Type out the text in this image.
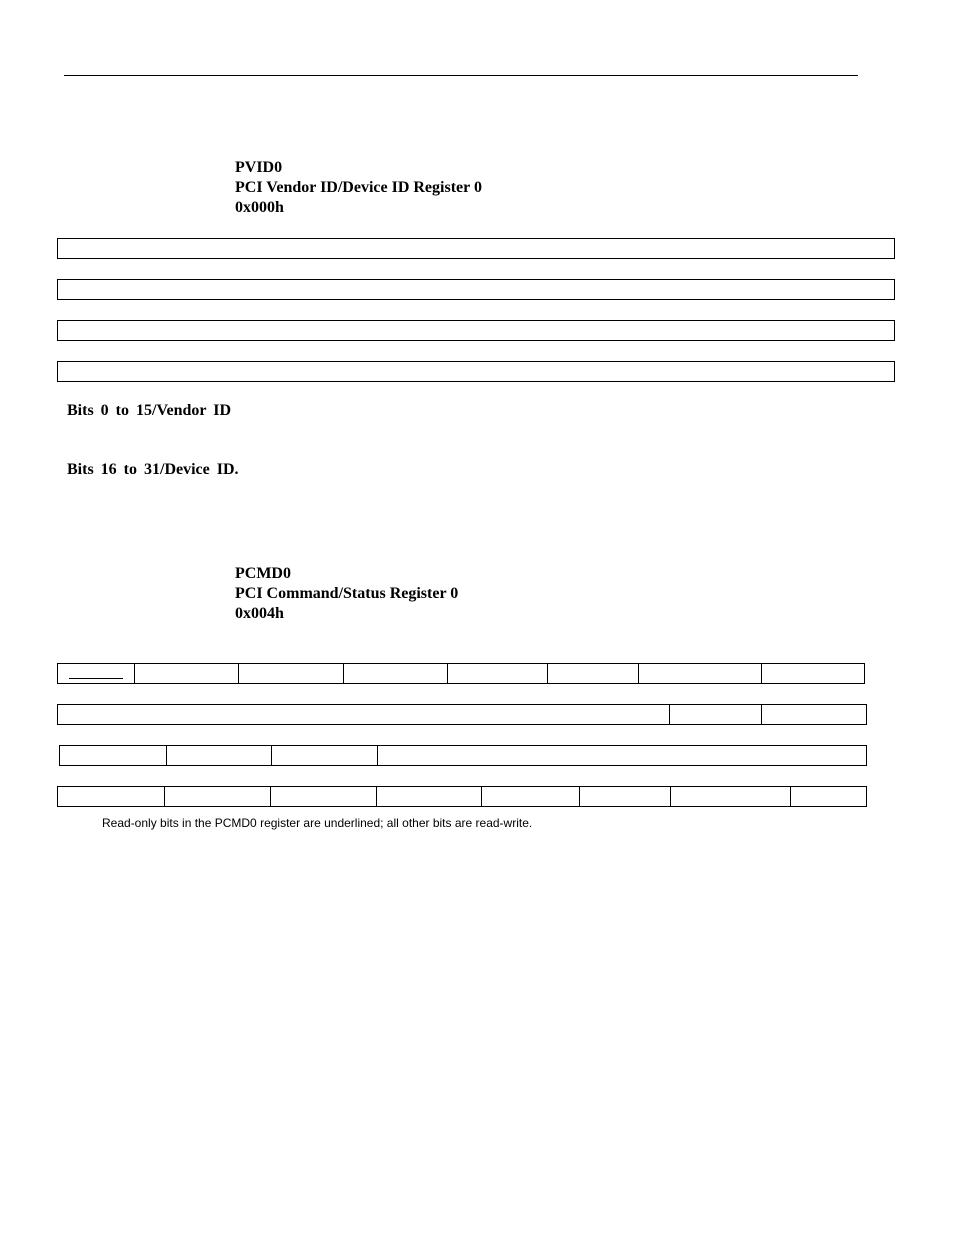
PVID0
PCI Vendor ID/Device ID Register 0
0x000h
Bits 0 to 15/Vendor ID
Bits 16 to 31/Device ID.
PCMD0
PCI Command/Status Register 0
0x004h
Read-only bits in the PCMD0 register are underlined; all other bits are read-write.
